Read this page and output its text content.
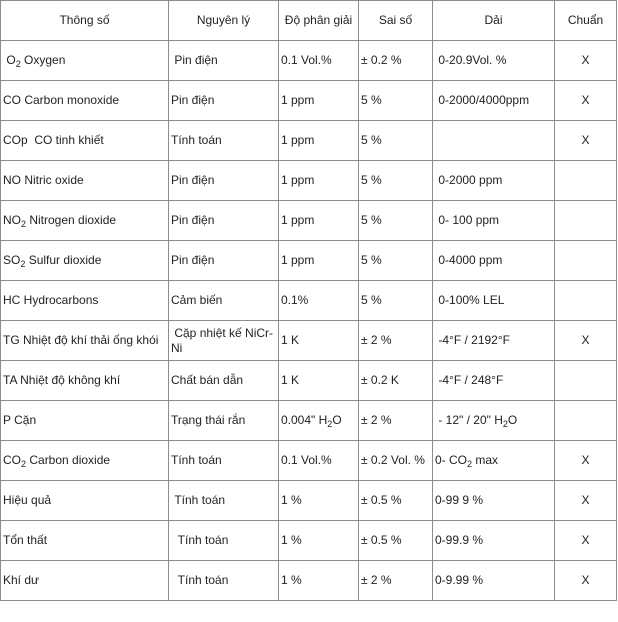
Thông số	Nguyên lý	Độ phân giải	Sai số	Dải	Chuẩn
$O_2$ Oxygen	Pin điện	0.1 Vol.%	± 0.2 %	0-20.9Vol. %	X
CO Carbon monoxide	Pin điện	1 ppm	5 %	0-2000/4000ppm	X
COp  CO tinh khiết	Tính toán	1 ppm	5 %		X
NO Nitric oxide	Pin điện	1 ppm	5 %	0-2000 ppm	
$NO_2$ Nitrogen dioxide	Pin điện	1 ppm	5 %	0- 100 ppm	
$SO_2$ Sulfur dioxide	Pin điện	1 ppm	5 %	0-4000 ppm	
HC Hydrocarbons	Cảm biến	0.1%	5 %	0-100% LEL	
TG Nhiệt độ khí thải ống khói	Cặp nhiệt kế NiCr-Ni	1 K	± 2 %	-4°F / 2192°F	X
TA Nhiệt độ không khí	Chất bán dẫn	1 K	± 0.2 K	-4°F / 248°F	
P Cặn	Trạng thái rắn	0.004" $H_2O$	± 2 %	- 12" / 20" $H_2O$	
$CO_2$ Carbon dioxide	Tính toán	0.1 Vol.%	± 0.2 Vol. %	0- $CO_2$ max	X
Hiệu quả	Tính toán	1 %	± 0.5 %	0-99 9 %	X
Tổn thất	Tính toán	1 %	± 0.5 %	0-99.9 %	X
Khí dư	Tính toán	1 %	± 2 %	0-9.99 %	X
